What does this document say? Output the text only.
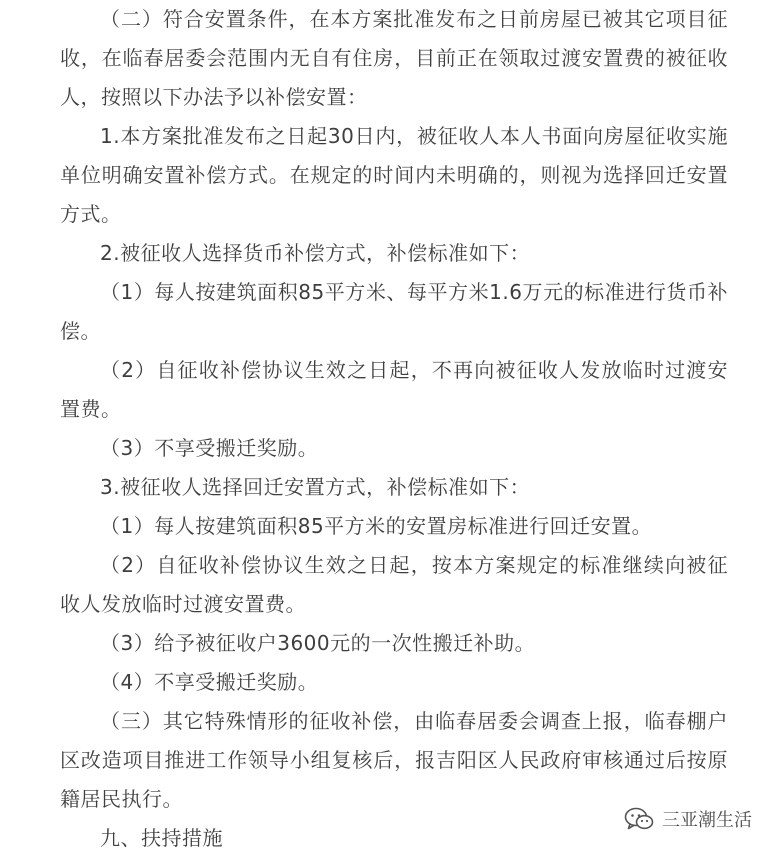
（二）符合安置条件，在本方案批准发布之日前房屋已被其它项目征收，在临春居委会范围内无自有住房，目前正在领取过渡安置费的被征收人，按照以下办法予以补偿安置：

1.本方案批准发布之日起30日内，被征收人本人书面向房屋征收实施单位明确安置补偿方式。在规定的时间内未明确的，则视为选择回迁安置方式。

2.被征收人选择货币补偿方式，补偿标准如下：

（1）每人按建筑面积85平方米、每平方米1.6万元的标准进行货币补偿。

（2）自征收补偿协议生效之日起，不再向被征收人发放临时过渡安置费。

（3）不享受搬迁奖励。

3.被征收人选择回迁安置方式，补偿标准如下：

（1）每人按建筑面积85平方米的安置房标准进行回迁安置。

（2）自征收补偿协议生效之日起，按本方案规定的标准继续向被征收人发放临时过渡安置费。

（3）给予被征收户3600元的一次性搬迁补助。

（4）不享受搬迁奖励。

（三）其它特殊情形的征收补偿，由临春居委会调查上报，临春棚户区改造项目推进工作领导小组复核后，报吉阳区人民政府审核通过后按原籍居民执行。

九、扶持措施

三亚潮生活
